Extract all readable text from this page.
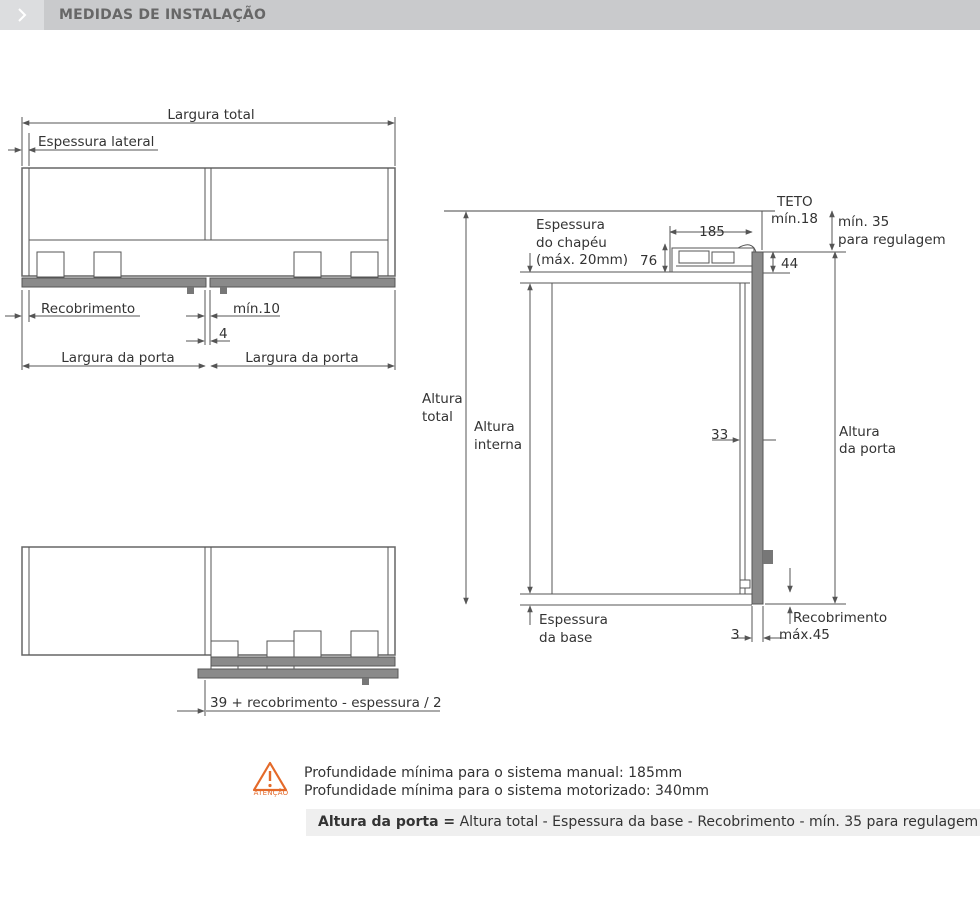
MEDIDAS DE INSTALAÇÃO
Largura total
Espessura lateral
Recobrimento	mín.10
4
Largura da porta	Largura da porta
39 + recobrimento - espessura / 2
TETO
mín.18 mín. 35
para regulagem
Espessura
do chapéu
(máx. 20mm)
185
76	44
Altura
total
Altura
interna
33	Altura
da porta
Espessura
da base	3
Recobrimento
máx.45
ATENÇÃO
Profundidade mínima para o sistema manual: 185mm
Profundidade mínima para o sistema motorizado: 340mm
Altura da porta = Altura total - Espessura da base - Recobrimento - mín. 35 para regulagem
